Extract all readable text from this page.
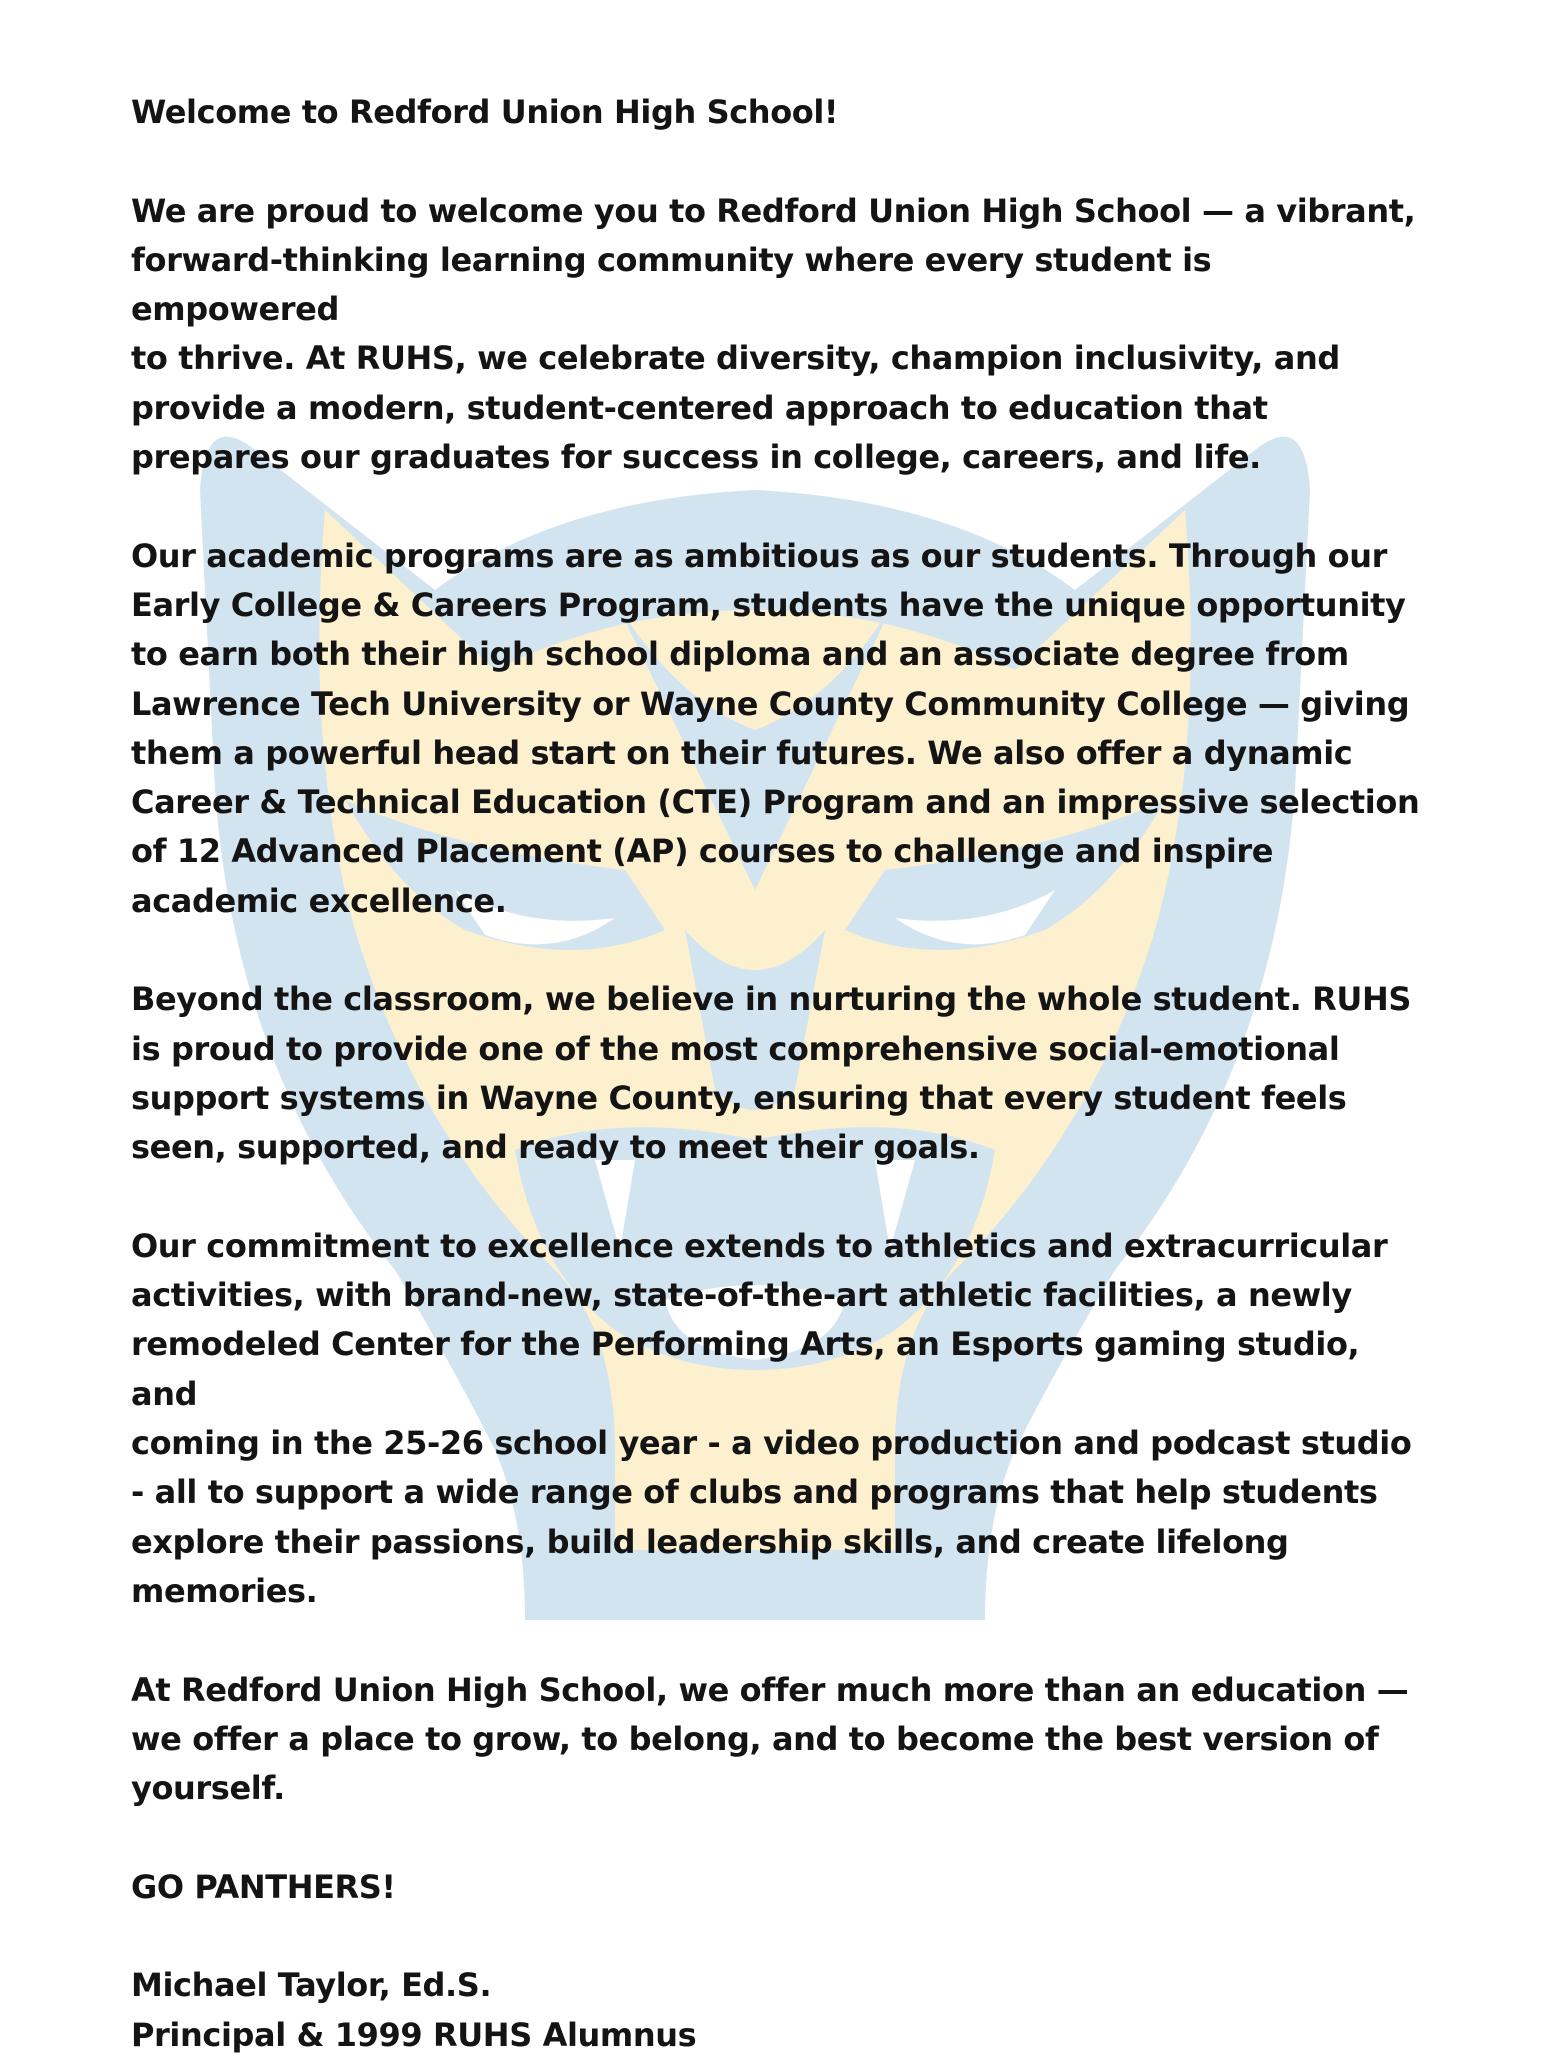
Welcome to Redford Union High School!

We are proud to welcome you to Redford Union High School — a vibrant,
forward-thinking learning community where every student is empowered
to thrive. At RUHS, we celebrate diversity, champion inclusivity, and
provide a modern, student-centered approach to education that
prepares our graduates for success in college, careers, and life.

Our academic programs are as ambitious as our students. Through our
Early College & Careers Program, students have the unique opportunity
to earn both their high school diploma and an associate degree from
Lawrence Tech University or Wayne County Community College — giving
them a powerful head start on their futures. We also offer a dynamic
Career & Technical Education (CTE) Program and an impressive selection
of 12 Advanced Placement (AP) courses to challenge and inspire
academic excellence.

Beyond the classroom, we believe in nurturing the whole student. RUHS
is proud to provide one of the most comprehensive social-emotional
support systems in Wayne County, ensuring that every student feels
seen, supported, and ready to meet their goals.

Our commitment to excellence extends to athletics and extracurricular
activities, with brand-new, state-of-the-art athletic facilities, a newly
remodeled Center for the Performing Arts, an Esports gaming studio, and
coming in the 25-26 school year - a video production and podcast studio
- all to support a wide range of clubs and programs that help students
explore their passions, build leadership skills, and create lifelong
memories.

At Redford Union High School, we offer much more than an education —
we offer a place to grow, to belong, and to become the best version of
yourself.

GO PANTHERS!

Michael Taylor, Ed.S.

Principal & 1999 RUHS Alumnus
